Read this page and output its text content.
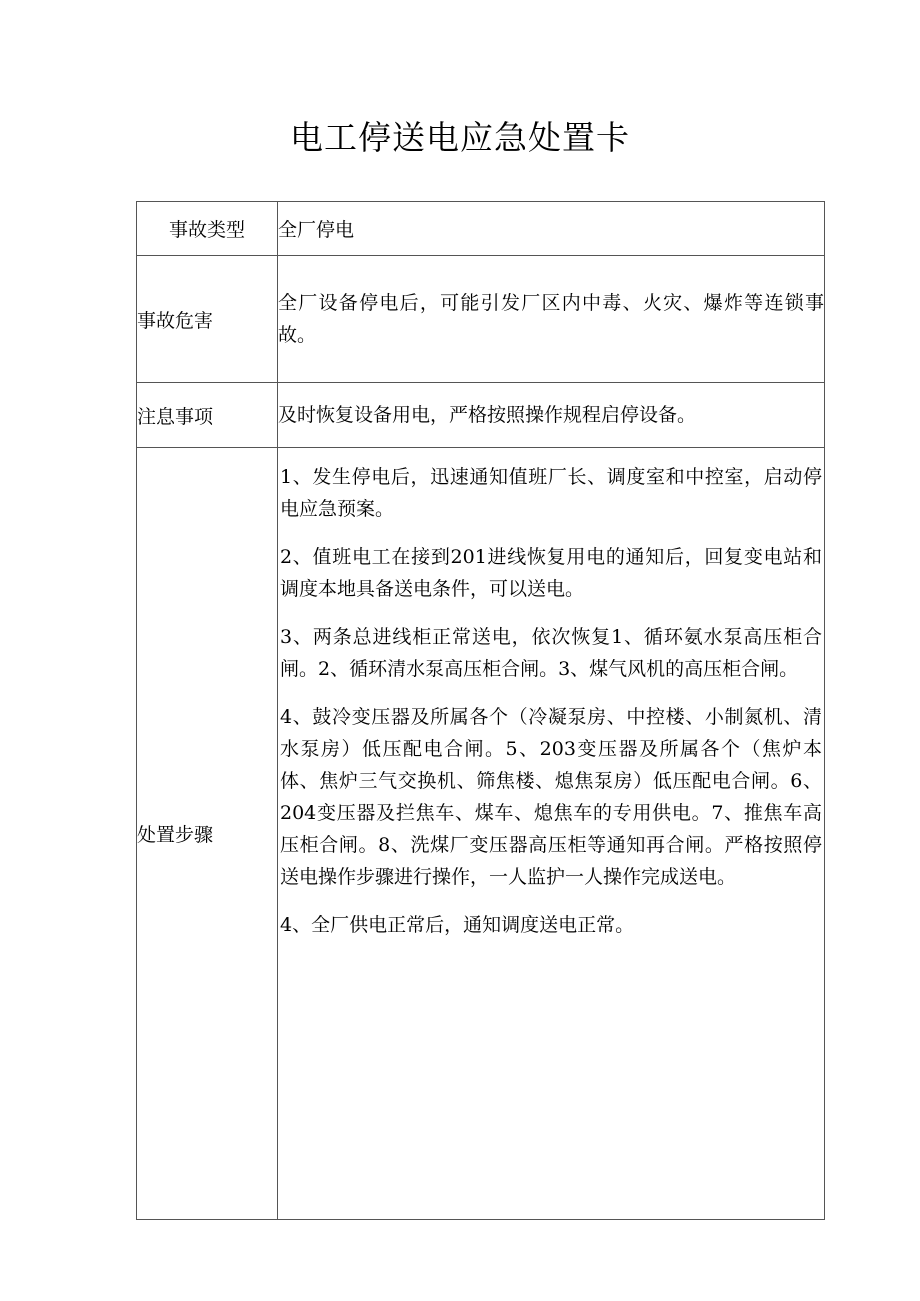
电工停送电应急处置卡
事故类型	全厂停电
事故危害	全厂设备停电后，可能引发厂区内中毒、火灾、爆炸等连锁事故。
注息事项	及时恢复设备用电，严格按照操作规程启停设备。
处置步骤	1、发生停电后，迅速通知值班厂长、调度室和中控室，启动停电应急预案。

2、值班电工在接到201进线恢复用电的通知后，回复变电站和调度本地具备送电条件，可以送电。

3、两条总进线柜正常送电，依次恢复1、循环氨水泵高压柜合闸。2、循环清水泵高压柜合闸。3、煤气风机的高压柜合闸。

4、鼓冷变压器及所属各个（冷凝泵房、中控楼、小制氮机、清水泵房）低压配电合闸。5、203变压器及所属各个（焦炉本体、焦炉三气交换机、筛焦楼、熄焦泵房）低压配电合闸。6、204变压器及拦焦车、煤车、熄焦车的专用供电。7、推焦车高压柜合闸。8、洗煤厂变压器高压柜等通知再合闸。严格按照停送电操作步骤进行操作，一人监护一人操作完成送电。

4、全厂供电正常后，通知调度送电正常。
